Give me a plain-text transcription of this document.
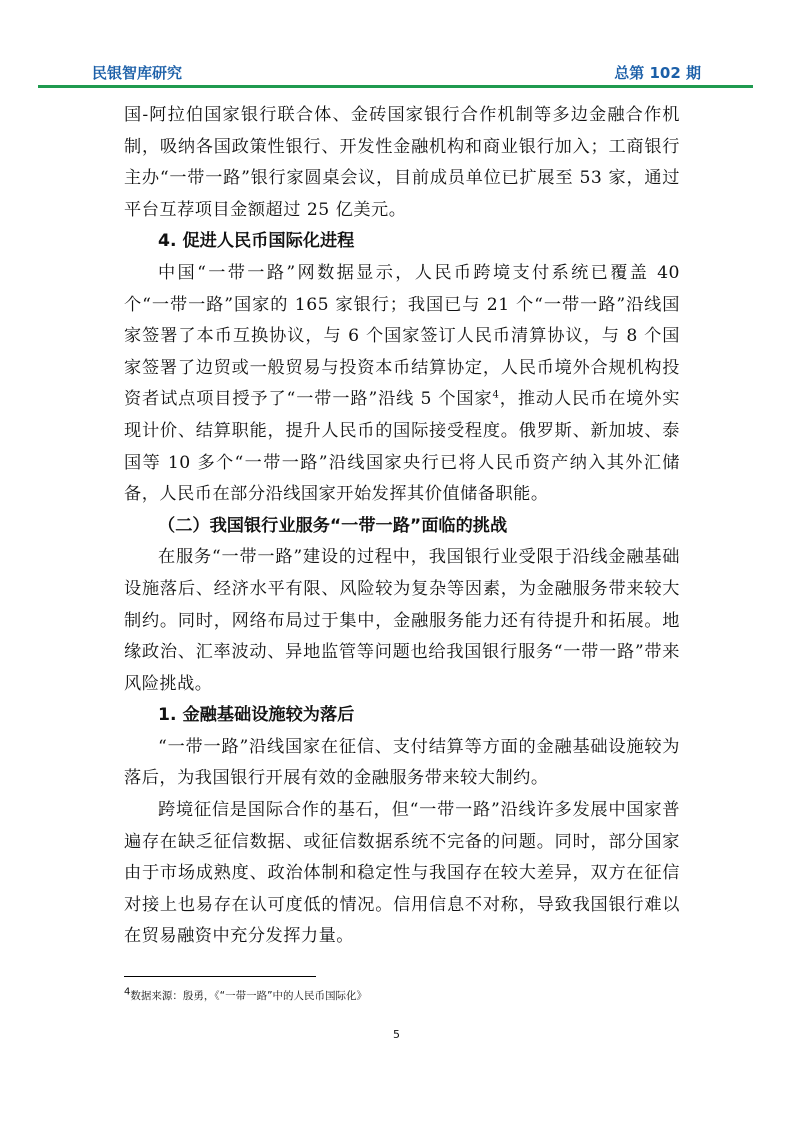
民银智库研究	总第 102 期

国-阿拉伯国家银行联合体、金砖国家银行合作机制等多边金融合作机制，吸纳各国政策性银行、开发性金融机构和商业银行加入；工商银行主办“一带一路”银行家圆桌会议，目前成员单位已扩展至 53 家，通过平台互荐项目金额超过 25 亿美元。

4. 促进人民币国际化进程

中国“一带一路”网数据显示，人民币跨境支付系统已覆盖 40 个“一带一路”国家的 165 家银行；我国已与 21 个“一带一路”沿线国家签署了本币互换协议，与 6 个国家签订人民币清算协议，与 8 个国家签署了边贸或一般贸易与投资本币结算协定，人民币境外合规机构投资者试点项目授予了“一带一路”沿线 5 个国家$^4$，推动人民币在境外实现计价、结算职能，提升人民币的国际接受程度。俄罗斯、新加坡、泰国等 10 多个“一带一路”沿线国家央行已将人民币资产纳入其外汇储备，人民币在部分沿线国家开始发挥其价值储备职能。

（二）我国银行业服务“一带一路”面临的挑战

在服务“一带一路”建设的过程中，我国银行业受限于沿线金融基础设施落后、经济水平有限、风险较为复杂等因素，为金融服务带来较大制约。同时，网络布局过于集中，金融服务能力还有待提升和拓展。地缘政治、汇率波动、异地监管等问题也给我国银行服务“一带一路”带来风险挑战。

1. 金融基础设施较为落后

“一带一路”沿线国家在征信、支付结算等方面的金融基础设施较为落后，为我国银行开展有效的金融服务带来较大制约。

跨境征信是国际合作的基石，但“一带一路”沿线许多发展中国家普遍存在缺乏征信数据、或征信数据系统不完备的问题。同时，部分国家由于市场成熟度、政治体制和稳定性与我国存在较大差异，双方在征信对接上也易存在认可度低的情况。信用信息不对称，导致我国银行难以在贸易融资中充分发挥力量。

$^4$数据来源：殷勇，《“一带一路”中的人民币国际化》
5
